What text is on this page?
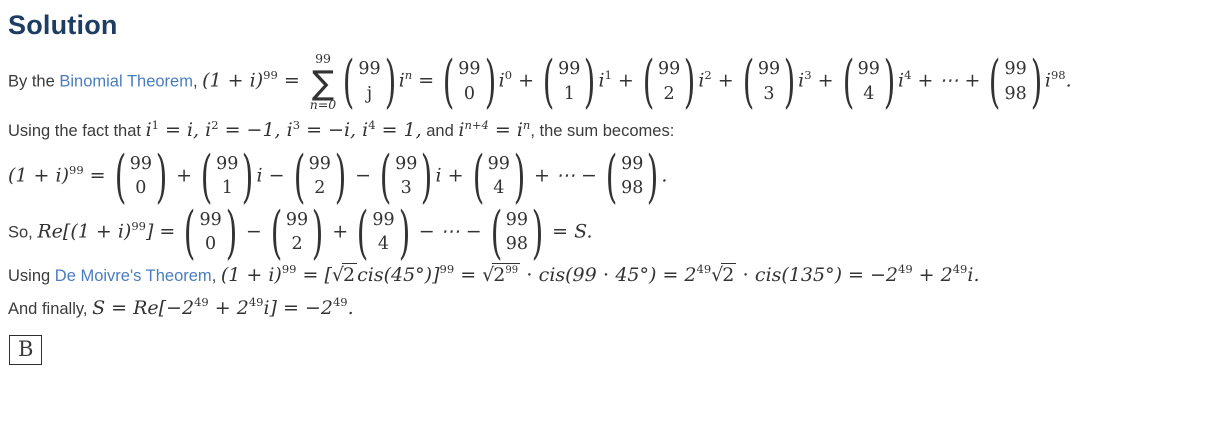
Solution

By the Binomial Theorem, $(1 + i)^{99}$ =
99
∑
n=0 ( 99
j ) $i^n$ = ( 99
0 ) $i^0$ + ( 99
1 ) $i^1$ + ( 99
2 ) $i^2$ + ( 99
3 ) $i^3$ + ( 99
4 ) $i^4$ + ⋯ + ( 99
98 ) $i^{98}$.

Using the fact that $i^1 = i$, $i^2 = -1$, $i^3 = -i$, $i^4 = 1$, and $i^{n+4} = i^n$, the sum becomes:

$(1 + i)^{99}$ = ( 99
0 ) + ( 99
1 ) i − ( 99
2 ) − ( 99
3 ) i + ( 99
4 ) + ⋯ − ( 99
98 ) .

So, $Re[(1 + i)^{99}]$ = ( 99
0 ) − ( 99
2 ) + ( 99
4 ) − ⋯ − ( 99
98 ) = S.

Using De Moivre's Theorem, $(1 + i)^{99} = [√2$ $cis(45^\circ)]^{99} = √2^{99} \cdot cis(99 \cdot 45^\circ) = 2^{49}√2 \cdot cis(135^\circ) = -2^{49} + 2^{49}i$.

And finally, $S = Re[-2^{49} + 2^{49}i] = -2^{49}$.

B
